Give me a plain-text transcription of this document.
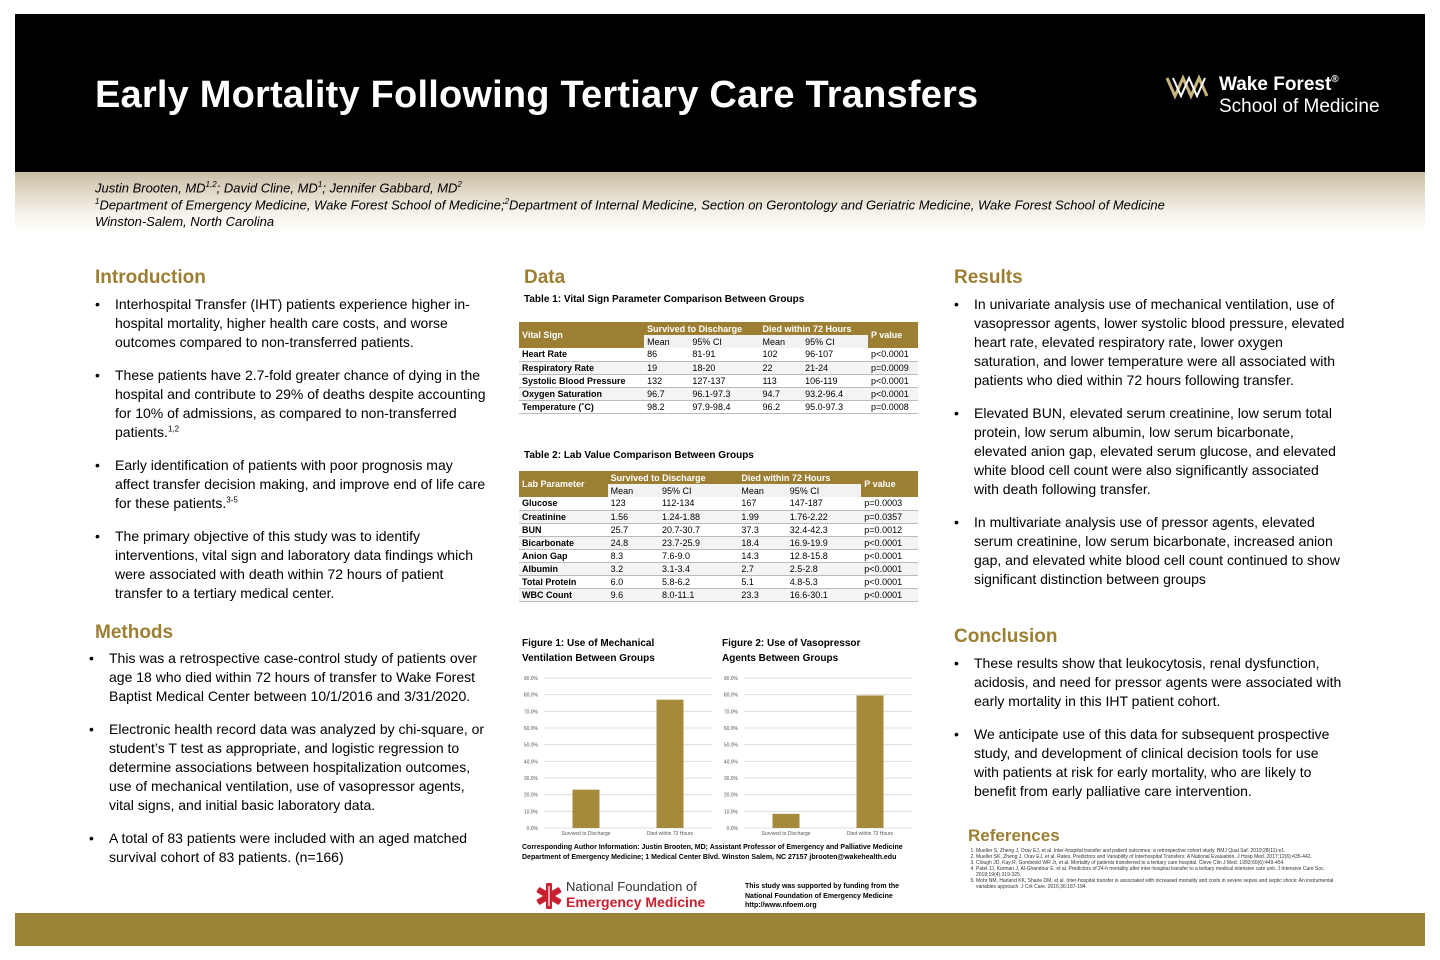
Early Mortality Following Tertiary Care Transfers	Wake Forest®
School of Medicine
Justin Brooten, MD$^{1,2}$; David Cline, $MD^1$; Jennifer Gabbard, $MD^2$
$^1$Department of Emergency Medicine, Wake Forest School of Medicine;$^2$Department of Internal Medicine, Section on Gerontology and Geriatric Medicine, Wake Forest School of Medicine
Winston-Salem, North Carolina
Introduction
• Interhospital Transfer (IHT) patients experience higher in-hospital mortality, higher health care costs, and worse outcomes compared to non-transferred patients.
• These patients have 2.7-fold greater chance of dying in the hospital and contribute to 29% of deaths despite accounting for 10% of admissions, as compared to non-transferred patients.$^{1,2}$
• Early identification of patients with poor prognosis may affect transfer decision making, and improve end of life care for these patients.$^{3-5}$
• The primary objective of this study was to identify interventions, vital sign and laboratory data findings which were associated with death within 72 hours of patient transfer to a tertiary medical center.
Methods
• This was a retrospective case-control study of patients over age 18 who died within 72 hours of transfer to Wake Forest Baptist Medical Center between 10/1/2016 and 3/31/2020.
• Electronic health record data was analyzed by chi-square, or student’s T test as appropriate, and logistic regression to determine associations between hospitalization outcomes, use of mechanical ventilation, use of vasopressor agents, vital signs, and initial basic laboratory data.
• A total of 83 patients were included with an aged matched survival cohort of 83 patients. (n=166)
Data
Table 1: Vital Sign Parameter Comparison Between Groups
Vital Sign	Survived to Discharge		Died within 72 Hours		P value
	Mean	95% CI	Mean	95% CI	
Heart Rate	86	81-91	102	96-107	p<0.0001
Respiratory Rate	19	18-20	22	21-24	p=0.0009
Systolic Blood Pressure	132	127-137	113	106-119	p<0.0001
Oxygen Saturation	96.7	96.1-97.3	94.7	93.2-96.4	p<0.0001
Temperature (˚C)	98.2	97.9-98.4	96.2	95.0-97.3	p=0.0008
Table 2: Lab Value Comparison Between Groups
Lab Parameter	Survived to Discharge		Died within 72 Hours		P value
	Mean	95% CI	Mean	95% CI	
Glucose	123	112-134	167	147-187	p=0.0003
Creatinine	1.56	1.24-1.88	1.99	1.76-2.22	p=0.0357
BUN	25.7	20.7-30.7	37.3	32.4-42.3	p=0.0012
Bicarbonate	24.8	23.7-25.9	18.4	16.9-19.9	p<0.0001
Anion Gap	8.3	7.6-9.0	14.3	12.8-15.8	p<0.0001
Albumin	3.2	3.1-3.4	2.7	2.5-2.8	p<0.0001
Total Protein	6.0	5.8-6.2	5.1	4.8-5.3	p<0.0001
WBC Count	9.6	8.0-11.1	23.3	16.6-30.1	p<0.0001
Figure 1: Use of Mechanical
Ventilation Between Groups
Figure 2: Use of Vasopressor
Agents Between Groups
0.0%
10.0%
20.0%
30.0%
40.0%
50.0%
60.0%
70.0%
80.0%
90.0%
Survived to Discharge	Died within 72 Hours
0.0%
10.0%
20.0%
30.0%
40.0%
50.0%
60.0%
70.0%
80.0%
90.0%
Survived to Discharge	Died within 72 Hours
Corresponding Author Information: Justin Brooten, MD; Assistant Professor of Emergency and Palliative Medicine
Department of Emergency Medicine; 1 Medical Center Blvd. Winston Salem, NC 27157 jbrooten@wakehealth.edu
National Foundation of
Emergency Medicine
This study was supported by funding from the
National Foundation of Emergency Medicine
http://www.nfoem.org
Results
• In univariate analysis use of mechanical ventilation, use of vasopressor agents, lower systolic blood pressure, elevated heart rate, elevated respiratory rate, lower oxygen saturation, and lower temperature were all associated with patients who died within 72 hours following transfer.
• Elevated BUN, elevated serum creatinine, low serum total protein, low serum albumin, low serum bicarbonate, elevated anion gap, elevated serum glucose, and elevated white blood cell count were also significantly associated with death following transfer.
• In multivariate analysis use of pressor agents, elevated serum creatinine, low serum bicarbonate, increased anion gap, and elevated white blood cell count continued to show significant distinction between groups
Conclusion
• These results show that leukocytosis, renal dysfunction, acidosis, and need for pressor agents were associated with early mortality in this IHT patient cohort.
• We anticipate use of this data for subsequent prospective study, and development of clinical decision tools for use with patients at risk for early mortality, who are likely to benefit from early palliative care intervention.
References
1. Mueller S, Zheng J, Orav EJ, et al. Inter-hospital transfer and patient outcomes: a retrospective cohort study. BMJ Qual Saf. 2019;28(11):e1.
2. Mueller SK, Zheng J, Orav EJ, et al. Rates, Predictors and Variability of Interhospital Transfers: A National Evaluation. J Hosp Med. 2017;12(6):435-442.
3. Clough JD, Kay R, Gombeski WR Jr, et al. Mortality of patients transferred to a tertiary care hospital. Cleve Clin J Med. 1993;60(6):449-454.
4. Patel JJ, Kurman J, Al-Ghandour E, et al. Predictors of 24-h mortality after inter-hospital transfer to a tertiary medical intensive care unit. J Intensive Care Soc. 2018;19(4):319-325.
5. Mohr NM, Harland KK, Shane DM, et al. Inter-hospital transfer is associated with increased mortality and costs in severe sepsis and septic shock: An instrumental variables approach. J Crit Care. 2016;36:187-194.
